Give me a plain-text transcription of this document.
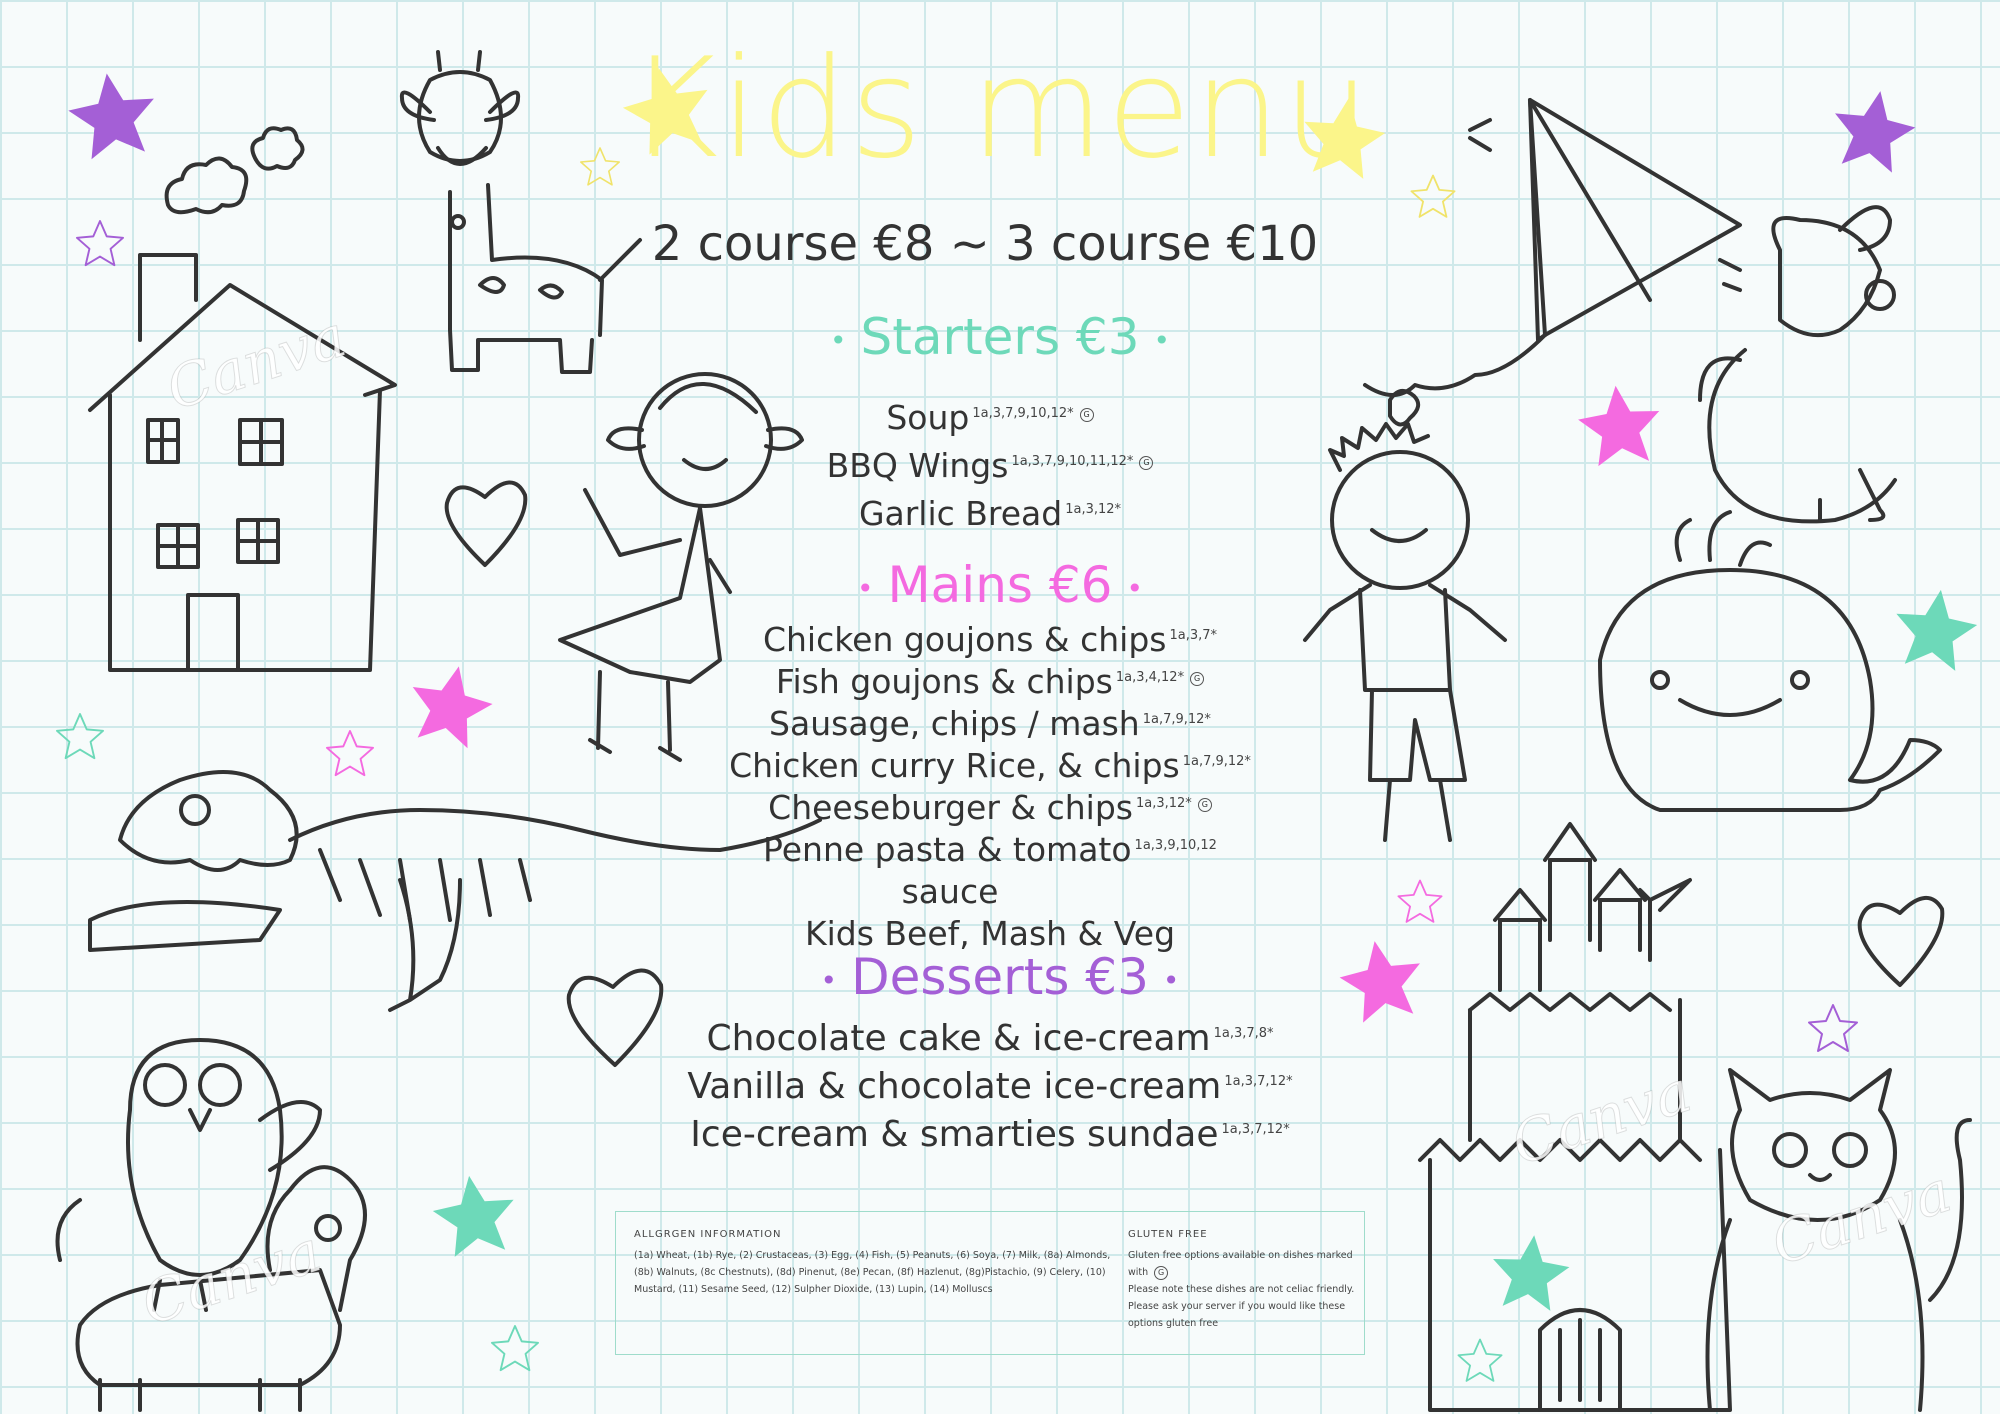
Canva
Canva
Canva
Canva
Kids menu
2 course €8 ~ 3 course €10
• Starters €3 •
Soup $^{1a,3,7,9,10,12*}$ G
BBQ Wings $^{1a,3,7,9,10,11,12*}$ G
Garlic Bread $^{1a,3,12*}$
• Mains €6 •
Chicken goujons & chips $^{1a,3,7*}$
Fish goujons & chips $^{1a,3,4,12*}$ G
Sausage, chips / mash $^{1a,7,9,12*}$
Chicken curry Rice, & chips $^{1a,7,9,12*}$
Cheeseburger & chips $^{1a,3,12*}$ G
Penne pasta & tomato $^{1a,3,9,10,12}$
sauce
Kids Beef, Mash & Veg
• Desserts €3 •
Chocolate cake & ice-cream $^{1a,3,7,8*}$
Vanilla & chocolate ice-cream $^{1a,3,7,12*}$
Ice-cream & smarties sundae $^{1a,3,7,12*}$
ALLGRGEN INFORMATION
(1a) Wheat, (1b) Rye, (2) Crustaceas, (3) Egg, (4) Fish, (5) Peanuts, (6) Soya, (7) Milk, (8a) Almonds,
(8b) Walnuts, (8c Chestnuts), (8d) Pinenut, (8e) Pecan, (8f) Hazlenut, (8g)Pistachio, (9) Celery, (10)
Mustard, (11) Sesame Seed, (12) Sulpher Dioxide, (13) Lupin, (14) Molluscs
GLUTEN FREE
Gluten free options available on dishes marked
with G
Please note these dishes are not celiac friendly.
Please ask your server if you would like these
options gluten free
